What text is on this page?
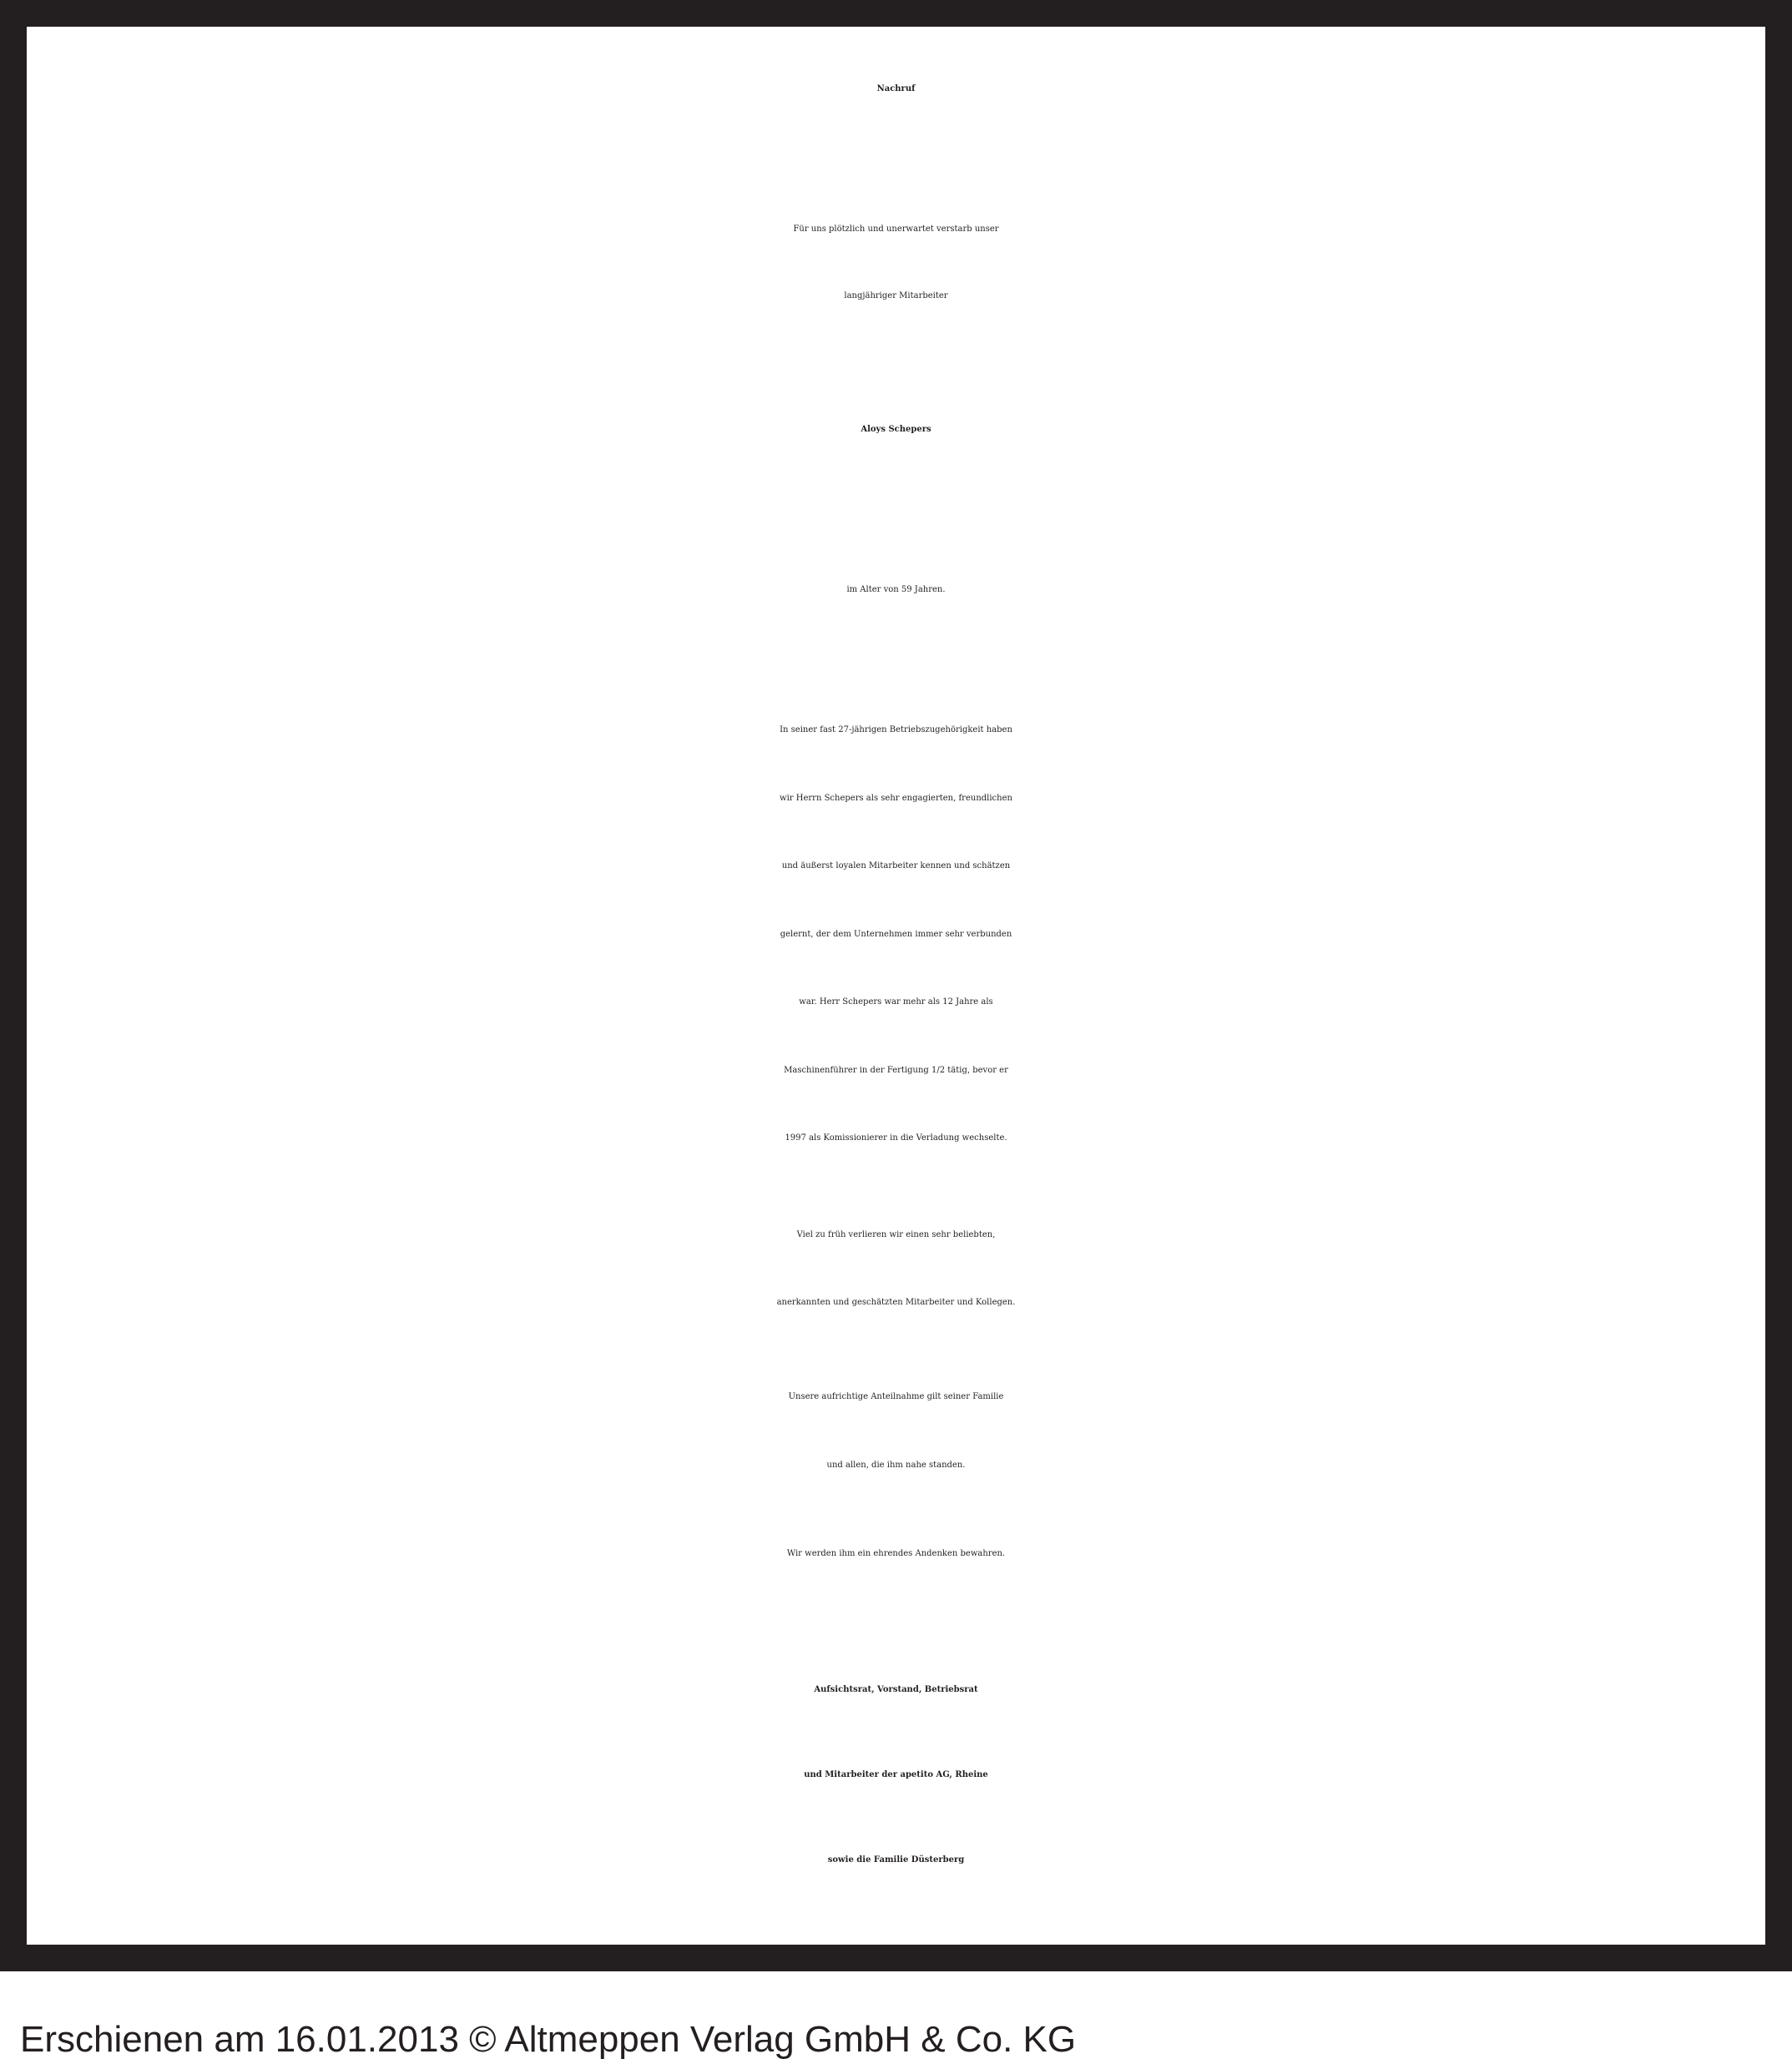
Nachruf
Für uns plötzlich und unerwartet verstarb unser
langjähriger Mitarbeiter
Aloys Schepers
im Alter von 59 Jahren.
In seiner fast 27-jährigen Betriebszugehörigkeit haben
wir Herrn Schepers als sehr engagierten, freundlichen
und äußerst loyalen Mitarbeiter kennen und schätzen
gelernt, der dem Unternehmen immer sehr verbunden
war. Herr Schepers war mehr als 12 Jahre als
Maschinenführer in der Fertigung 1/2 tätig, bevor er
1997 als Komissionierer in die Verladung wechselte.
Viel zu früh verlieren wir einen sehr beliebten,
anerkannten und geschätzten Mitarbeiter und Kollegen.
Unsere aufrichtige Anteilnahme gilt seiner Familie
und allen, die ihm nahe standen.
Wir werden ihm ein ehrendes Andenken bewahren.
Aufsichtsrat, Vorstand, Betriebsrat
und Mitarbeiter der apetito AG, Rheine
sowie die Familie Düsterberg
Erschienen am 16.01.2013 © Altmeppen Verlag GmbH & Co. KG
